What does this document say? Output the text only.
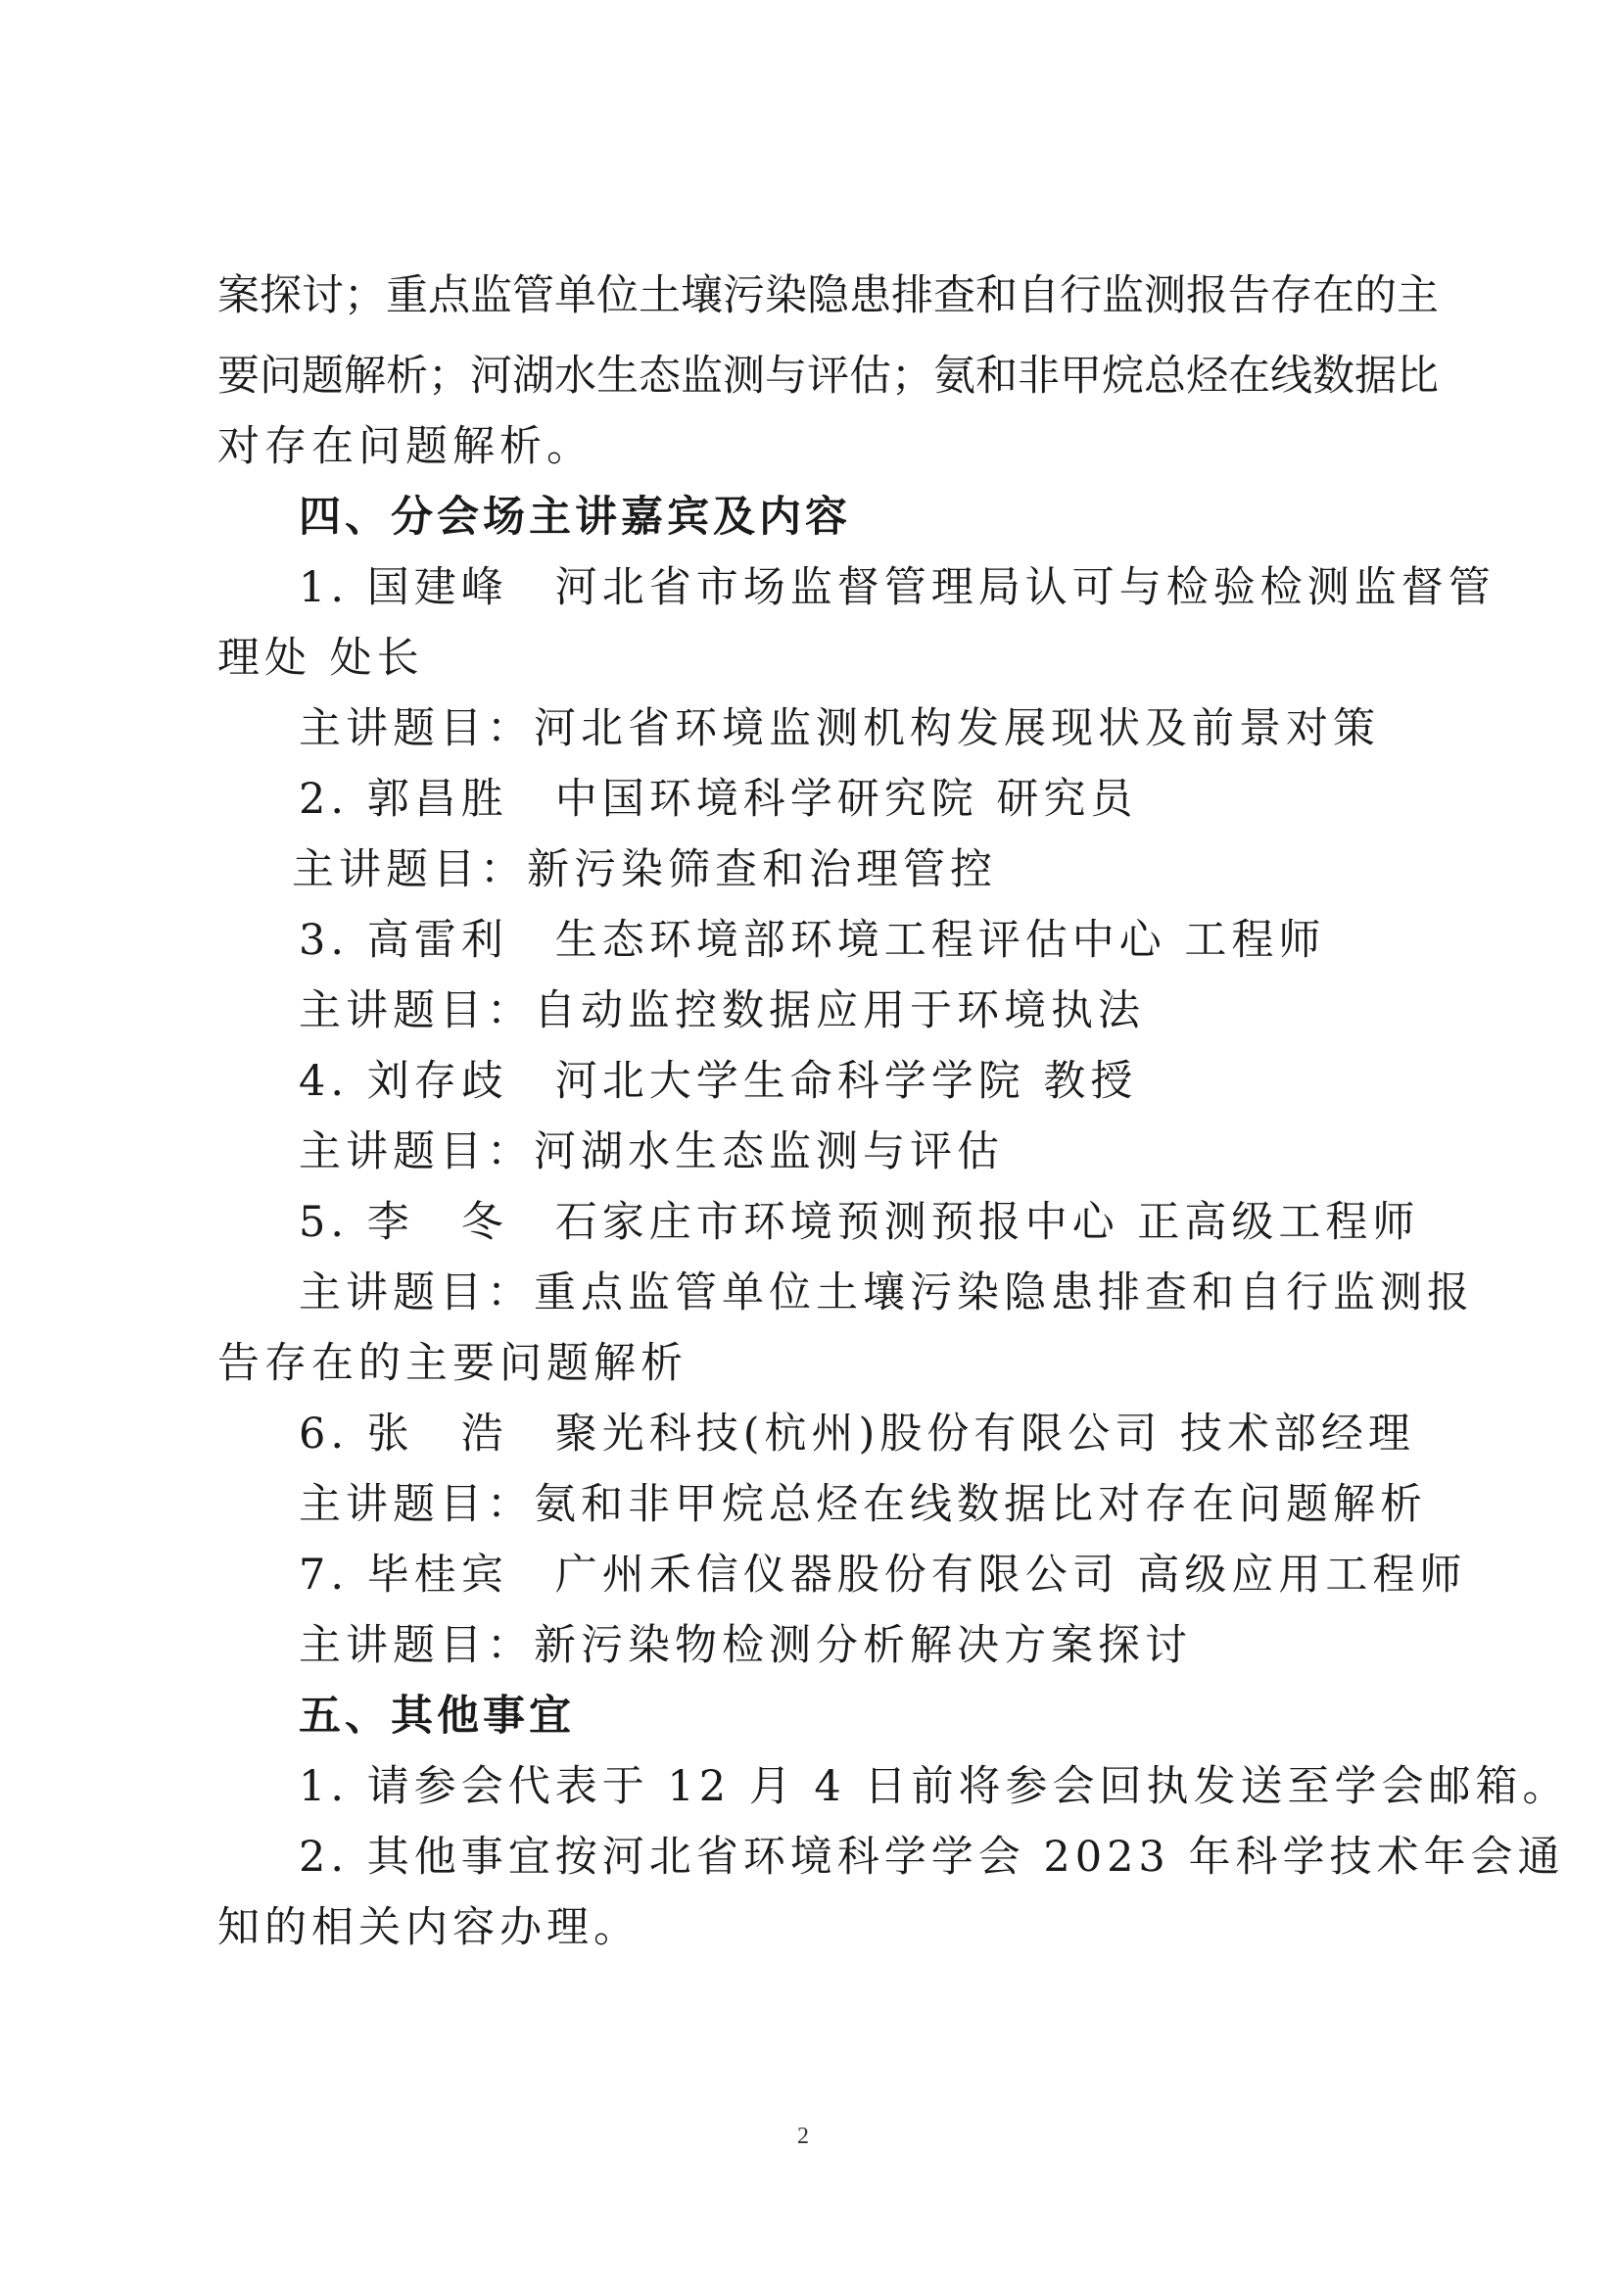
案探讨；重点监管单位土壤污染隐患排查和自行监测报告存在的主
要问题解析；河湖水生态监测与评估；氨和非甲烷总烃在线数据比
对存在问题解析。
四、分会场主讲嘉宾及内容
1. 国建峰　河北省市场监督管理局认可与检验检测监督管
理处 处长
主讲题目：河北省环境监测机构发展现状及前景对策
2. 郭昌胜　中国环境科学研究院 研究员
主讲题目：新污染筛查和治理管控
3. 高雷利　生态环境部环境工程评估中心 工程师
主讲题目：自动监控数据应用于环境执法
4. 刘存歧　河北大学生命科学学院 教授
主讲题目：河湖水生态监测与评估
5. 李　冬　石家庄市环境预测预报中心 正高级工程师
主讲题目：重点监管单位土壤污染隐患排查和自行监测报
告存在的主要问题解析
6. 张　浩　聚光科技(杭州)股份有限公司 技术部经理
主讲题目：氨和非甲烷总烃在线数据比对存在问题解析
7. 毕桂宾　广州禾信仪器股份有限公司 高级应用工程师
主讲题目：新污染物检测分析解决方案探讨
五、其他事宜
1. 请参会代表于 12 月 4 日前将参会回执发送至学会邮箱。
2. 其他事宜按河北省环境科学学会 2023 年科学技术年会通
知的相关内容办理。
2
